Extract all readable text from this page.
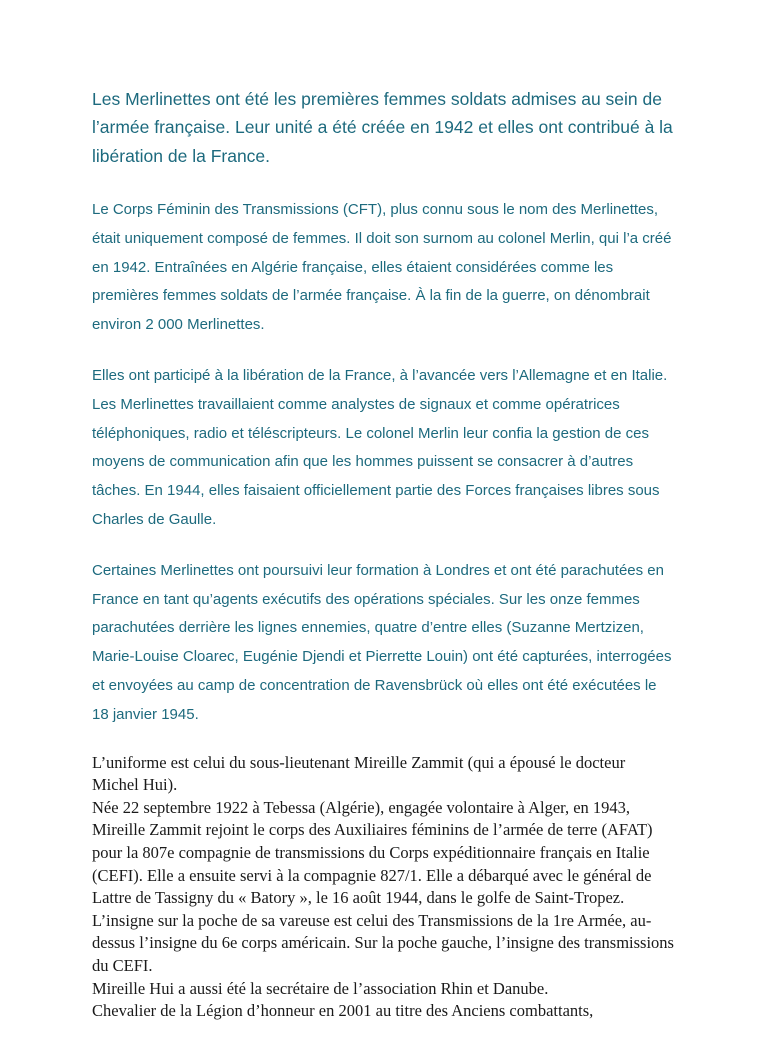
Les Merlinettes ont été les premières femmes soldats admises au sein de l’armée française. Leur unité a été créée en 1942 et elles ont contribué à la libération de la France.

Le Corps Féminin des Transmissions (CFT), plus connu sous le nom des Merlinettes, était uniquement composé de femmes. Il doit son surnom au colonel Merlin, qui l’a créé en 1942. Entraînées en Algérie française, elles étaient considérées comme les premières femmes soldats de l’armée française. À la fin de la guerre, on dénombrait environ 2 000 Merlinettes.

Elles ont participé à la libération de la France, à l’avancée vers l’Allemagne et en Italie. Les Merlinettes travaillaient comme analystes de signaux et comme opératrices téléphoniques, radio et téléscripteurs. Le colonel Merlin leur confia la gestion de ces moyens de communication afin que les hommes puissent se consacrer à d’autres tâches. En 1944, elles faisaient officiellement partie des Forces françaises libres sous Charles de Gaulle.

Certaines Merlinettes ont poursuivi leur formation à Londres et ont été parachutées en France en tant qu’agents exécutifs des opérations spéciales. Sur les onze femmes parachutées derrière les lignes ennemies, quatre d’entre elles (Suzanne Mertzizen, Marie-Louise Cloarec, Eugénie Djendi et Pierrette Louin) ont été capturées, interrogées et envoyées au camp de concentration de Ravensbrück où elles ont été exécutées le 18 janvier 1945.

L’uniforme est celui du sous-lieutenant Mireille Zammit (qui a épousé le docteur Michel Hui).

Née 22 septembre 1922 à Tebessa (Algérie), engagée volontaire à Alger, en 1943, Mireille Zammit rejoint le corps des Auxiliaires féminins de l’armée de terre (AFAT) pour la 807e compagnie de transmissions du Corps expéditionnaire français en Italie (CEFI). Elle a ensuite servi à la compagnie 827/1. Elle a débarqué avec le général de Lattre de Tassigny du « Batory », le 16 août 1944, dans le golfe de Saint-Tropez. L’insigne sur la poche de sa vareuse est celui des Transmissions de la 1re Armée, au-dessus l’insigne du 6e corps américain. Sur la poche gauche, l’insigne des transmissions du CEFI.

Mireille Hui a aussi été la secrétaire de l’association Rhin et Danube.

Chevalier de la Légion d’honneur en 2001 au titre des Anciens combattants,
